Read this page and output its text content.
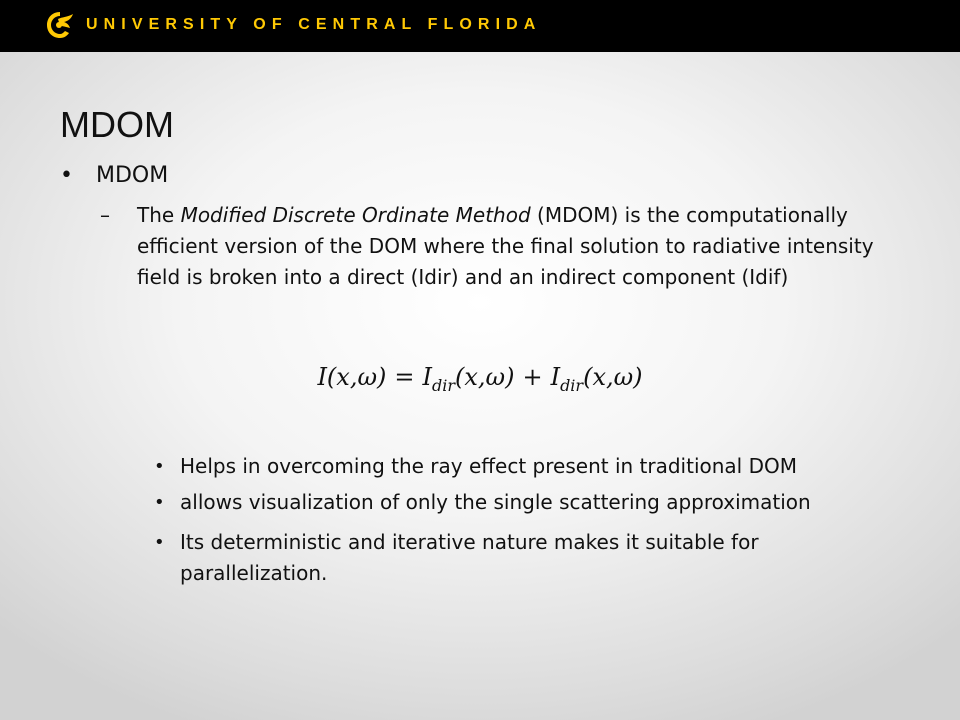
UNIVERSITY OF CENTRAL FLORIDA
MDOM
• MDOM
– The Modified Discrete Ordinate Method (MDOM) is the computationally efficient version of the DOM where the final solution to radiative intensity field is broken into a direct (Idir) and an indirect component (Idif)
$I(x,\omega) = I_{dir}(x,\omega) + I_{dir}(x,\omega)$
• Helps in overcoming the ray effect present in traditional DOM
• allows visualization of only the single scattering approximation
• Its deterministic and iterative nature makes it suitable for parallelization.
